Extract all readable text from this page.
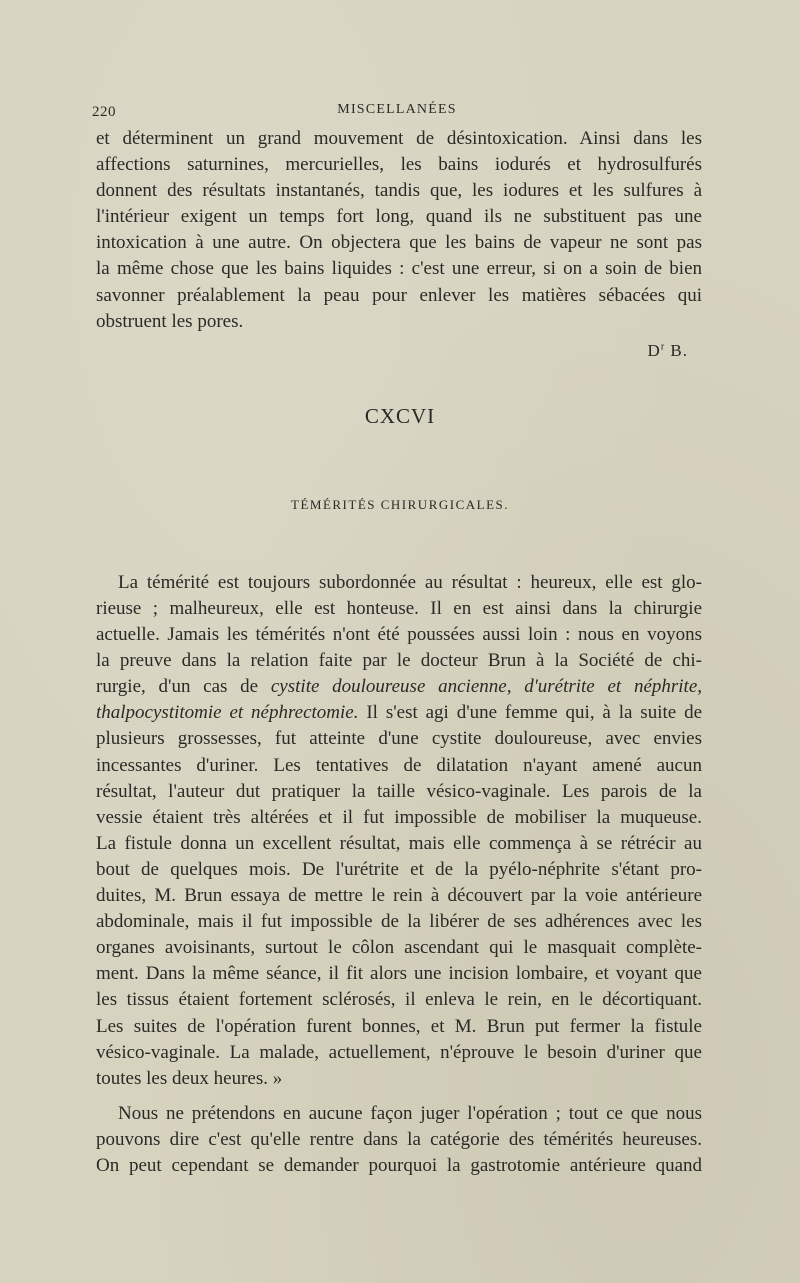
220	MISCELLANÉES

et déterminent un grand mouvement de désintoxication. Ainsi dans les
affections saturnines, mercurielles, les bains iodurés et hydrosulfurés
donnent des résultats instantanés, tandis que, les iodures et les sulfures à
l'intérieur exigent un temps fort long, quand ils ne substituent pas une
intoxication à une autre. On objectera que les bains de vapeur ne sont pas
la même chose que les bains liquides : c'est une erreur, si on a soin de bien
savonner préalablement la peau pour enlever les matières sébacées qui
obstruent les pores.

$D^r$ B.
CXCVI
TÉMÉRITÉS CHIRURGICALES.

La témérité est toujours subordonnée au résultat : heureux, elle est glo-

rieuse ; malheureux, elle est honteuse. Il en est ainsi dans la chirurgie
actuelle. Jamais les témérités n'ont été poussées aussi loin : nous en voyons
la preuve dans la relation faite par le docteur Brun à la Société de chi-
rurgie, d'un cas de cystite douloureuse ancienne, d'urétrite et néphrite,
thalpocystitomie et néphrectomie. Il s'est agi d'une femme qui, à la suite de
plusieurs grossesses, fut atteinte d'une cystite douloureuse, avec envies
incessantes d'uriner. Les tentatives de dilatation n'ayant amené aucun
résultat, l'auteur dut pratiquer la taille vésico-vaginale. Les parois de la
vessie étaient très altérées et il fut impossible de mobiliser la muqueuse.
La fistule donna un excellent résultat, mais elle commença à se rétrécir au
bout de quelques mois. De l'urétrite et de la pyélo-néphrite s'étant pro-
duites, M. Brun essaya de mettre le rein à découvert par la voie antérieure
abdominale, mais il fut impossible de la libérer de ses adhérences avec les
organes avoisinants, surtout le côlon ascendant qui le masquait complète-
ment. Dans la même séance, il fit alors une incision lombaire, et voyant que
les tissus étaient fortement sclérosés, il enleva le rein, en le décortiquant.
Les suites de l'opération furent bonnes, et M. Brun put fermer la fistule
vésico-vaginale. La malade, actuellement, n'éprouve le besoin d'uriner que
toutes les deux heures. »

Nous ne prétendons en aucune façon juger l'opération ; tout ce que nous

pouvons dire c'est qu'elle rentre dans la catégorie des témérités heureuses.
On peut cependant se demander pourquoi la gastrotomie antérieure quand
